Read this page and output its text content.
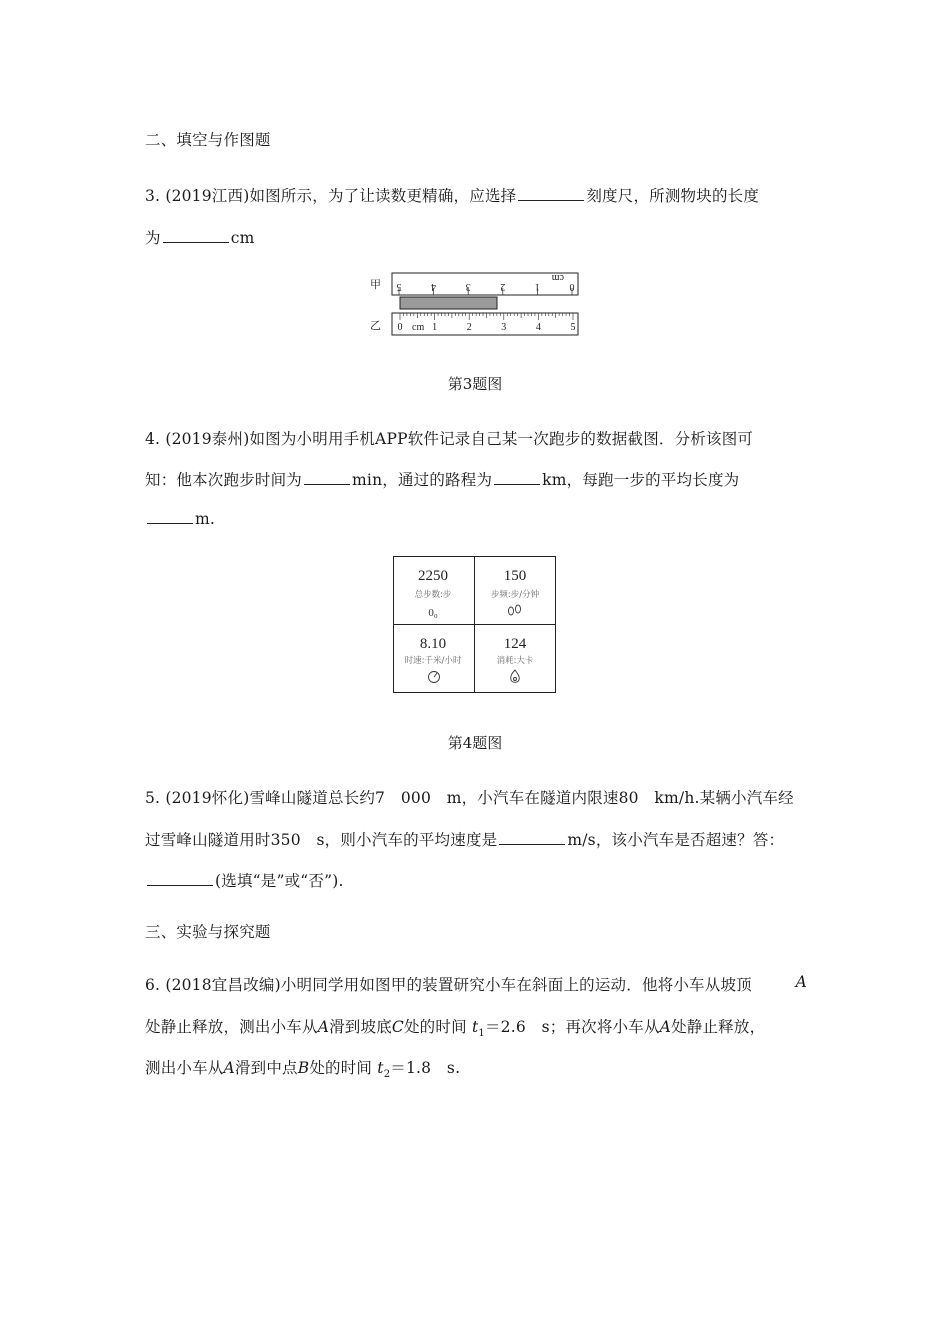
二、填空与作图题
3. (2019江西)如图所示，为了让读数更精确，应选择	刻度尺，所测物块的长度
为	cm
甲
乙
5	4	3	2	1	0
cm
0	1	2	3	4	5
cm
第3题图
4. (2019泰州)如图为小明用手机APP软件记录自己某一次跑步的数据截图．分析该图可
知：他本次跑步时间为	min，通过的路程为	km，每跑一步的平均长度为
m.
2250
总步数:步
0₀
150
步频:步/分钟
8.10
时速:千米/小时
124
消耗:大卡
第4题图
5. (2019怀化)雪峰山隧道总长约7　000　m，小汽车在隧道内限速80　km/h.某辆小汽车经
过雪峰山隧道用时350　s，则小汽车的平均速度是	m/s，该小汽车是否超速？答：
(选填“是”或“否”).
三、实验与探究题
6. (2018宜昌改编)小明同学用如图甲的装置研究小车在斜面上的运动．他将小车从坡顶	A
处静止释放，测出小车从A滑到坡底C处的时间 $t_1=2.6$　s；再次将小车从A处静止释放，
测出小车从A滑到中点B处的时间 $t_2=1.8$　s.
